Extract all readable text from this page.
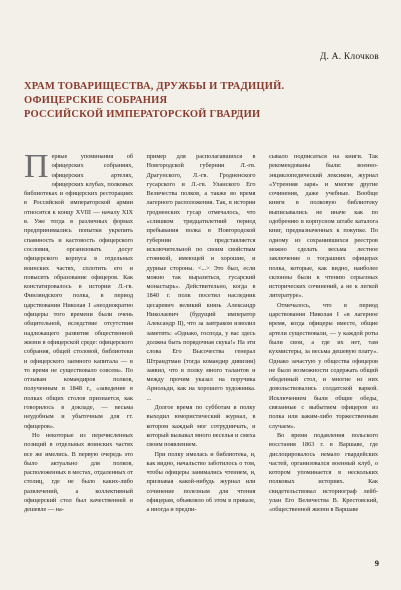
Д. А. Клочков
ХРАМ ТОВАРИЩЕСТВА, ДРУЖБЫ И ТРАДИЦИЙ.
ОФИЦЕРСКИЕ СОБРАНИЯ
РОССИЙСКОЙ ИМПЕРАТОРСКОЙ ГВАРДИИ

Первые упоминания об офицерских собраниях, офицерских артелях, офицерских клубах, полковых библиотеках и офицерских ресторациях в Российской императорской армии относятся к концу XVIII — началу XIX в. Уже тогда в различных формах предпринимались попытки укрепить спаянность и кастовость офицерского сословия, организовать досуг офицерского корпуса в отдельных воинских частях, сплотить его и повысить образование офицеров. Как констатировалось в истории Л.-гв. Финляндского полка, в период царствования Николая I «неоднократно офицеры того времени были очень общительной, вследствие отсутствия надлежащего развития общественной жизни в офицерской среде: офицерского собрания, общей столовой, библиотеки и офицерского заемного капитала — в то время не существовало совсем». По отзывам командиров полков, полученным в 1848 г., «заведение в полках общих столов признается, как говорилось в докладе, — весьма неудобным и убыточным для гг. офицеров».

Но некоторые из перечисленных позиций в отдельных воинских частях все же имелись. В первую очередь это было актуально для полков, расположенных в местах, отдаленных от столиц, где не было каких-либо развлечений, а коллективный офицерский стол был качественней и дешевле — на-

пример для располагавшихся в Новгородской губернии Л.-гв. Драгунского, Л.-гв. Гродненского гусарского и Л.-гв. Уланского Его Величества полков, а также во время лагерного расположения. Так, в истории гродненских гусар отмечалось, что «слишком тридцатилетний период пребывания полка в Новгородской губернии представляется исключительной по своим свойствам стоянкой, имеющей и хорошие, и дурные стороны. <...> Это был, если можно так выразиться, гусарский монастырь». Действительно, когда в 1840 г. полк посетил наследник цесаревич великий князь Александр Николаевич (будущий император Александр II), что за завтраком изволил заметить: «Однако, господа, у вас здесь должна быть порядочная скука!» На эти слова Его Высочества генерал Штрандтман (тогда командир дивизии) заявил, что в полку много талантов и между прочим указал на поручика Арнольди, как на хорошего художника. ...

Долгое время по субботам в полку выходил юмористический журнал, в котором каждый мог сотрудничать, и который вызывал много веселья и смеха своим появлением.

При полку имелась и библиотека, и, как видно, начальство заботилось о том, чтобы офицеры занимались чтением, и, признавая какой-нибудь журнал или сочинение полезным для чтения офицерам, объявляло об этом в приказе, а иногда и предпи-

сывало подписаться на книги. Так рекомендованы были: военно-энциклопедический лексикон, журнал «Утренняя заря» и многие другие сочинения, даже учебные. Вообще книги в полковую библиотеку выписывались не иначе как по одобрению в корпусном штабе каталога книг, предназначенных к покупке. По одному из сохранившихся реестров можно сделать весьма лестное заключение о тогдашних офицерах полка, которые, как видно, наиболее склонны были к чтению серьезных исторических сочинений, а не к легкой литературе».

Отмечалось, что в период царствования Николая I «в лагерное время, когда офицеры вместе, общие артели существовали, — у каждой роты были свои, а где их нет, там кухмистеры, за весьма дешевую плату». Однако зачастую у общества офицеров не было возможности содержать общий обеденный стол, и многие из них довольствовались солдатской варкой. Исключением были общие обеды, связанные с выбытием офицеров из полка или каким-либо торжественным случаем».

Во время подавления польского восстания 1863 г. в Варшаве, где дислоцировалось немало гвардейских частей, организовался военный клуб, о котором упоминается в нескольких полковых историях. Как свидетельствовал историограф лейб-улан Его Величества В. Крестовский, «общественной жизни в Варшаве

9
